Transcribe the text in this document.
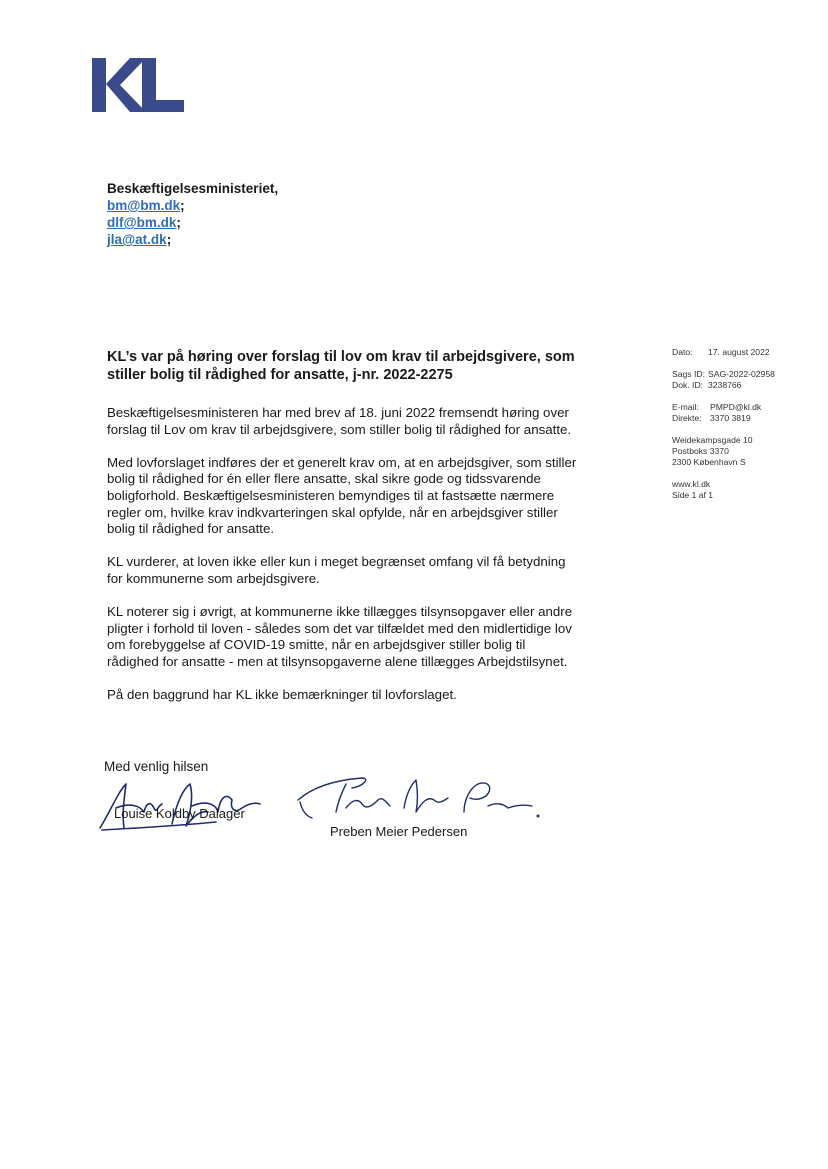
Beskæftigelsesministeriet,
bm@bm.dk;
dlf@bm.dk;
jla@at.dk;
KL’s var på høring over forslag til lov om krav til arbejdsgivere, som stiller bolig til rådighed for ansatte, j-nr. 2022-2275

Beskæftigelsesministeren har med brev af 18. juni 2022 fremsendt høring over forslag til Lov om krav til arbejdsgivere, som stiller bolig til rådighed for ansatte.

Med lovforslaget indføres der et generelt krav om, at en arbejdsgiver, som stiller bolig til rådighed for én eller flere ansatte, skal sikre gode og tidssvarende boligforhold. Beskæftigelsesministeren bemyndiges til at fastsætte nærmere regler om, hvilke krav indkvarteringen skal opfylde, når en arbejdsgiver stiller bolig til rådighed for ansatte.

KL vurderer, at loven ikke eller kun i meget begrænset omfang vil få betydning for kommunerne som arbejdsgivere.

KL noterer sig i øvrigt, at kommunerne ikke tillægges tilsynsopgaver eller andre pligter i forhold til loven - således som det var tilfældet med den midlertidige lov om forebyggelse af COVID-19 smitte, når en arbejdsgiver stiller bolig til rådighed for ansatte - men at tilsynsopgaverne alene tillægges Arbejdstilsynet.

På den baggrund har KL ikke bemærkninger til lovforslaget.

Dato: 17. august 2022
Sags ID: SAG-2022-02958
Dok. ID: 3238766
E-mail: PMPD@kl.dk
Direkte: 3370 3819
Weidekampsgade 10
Postboks 3370
2300 København S
www.kl.dk
Side 1 af 1
Med venlig hilsen
Louise Koldby Dalager
Preben Meier Pedersen
